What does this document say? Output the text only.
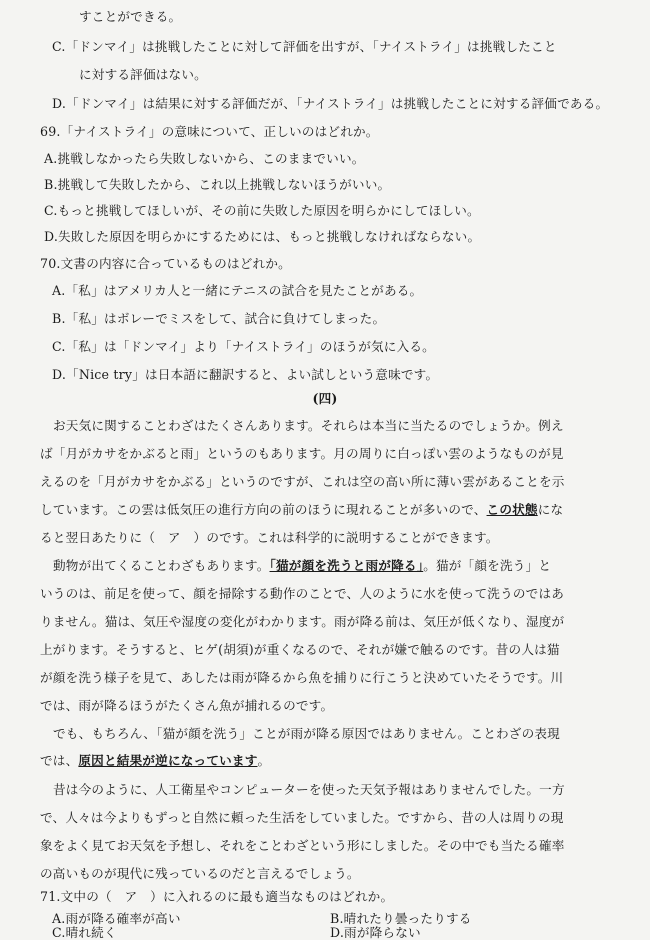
すことができる。
C.「ドンマイ」は挑戦したことに対して評価を出すが、「ナイストライ」は挑戦したこと
に対する評価はない。
D.「ドンマイ」は結果に対する評価だが、「ナイストライ」は挑戦したことに対する評価である。
69.「ナイストライ」の意味について、正しいのはどれか。
A.挑戦しなかったら失敗しないから、このままでいい。
B.挑戦して失敗したから、これ以上挑戦しないほうがいい。
C.もっと挑戦してほしいが、その前に失敗した原因を明らかにしてほしい。
D.失敗した原因を明らかにするためには、もっと挑戦しなければならない。
70.文書の内容に合っているものはどれか。
A.「私」はアメリカ人と一緒にテニスの試合を見たことがある。
B.「私」はボレーでミスをして、試合に負けてしまった。
C.「私」は「ドンマイ」より「ナイストライ」のほうが気に入る。
D.「Nice try」は日本語に翻訳すると、よい試しという意味です。
(四)
お天気に関することわざはたくさんあります。それらは本当に当たるのでしょうか。例え
ば「月がカサをかぶると雨」というのもあります。月の周りに白っぽい雲のようなものが見
えるのを「月がカサをかぶる」というのですが、これは空の高い所に薄い雲があることを示
しています。この雲は低気圧の進行方向の前のほうに現れることが多いので、この状態にな
ると翌日あたりに（　ア　）のです。これは科学的に説明することができます。
動物が出てくることわざもあります。「猫が顔を洗うと雨が降る」。猫が「顔を洗う」と
いうのは、前足を使って、顔を掃除する動作のことで、人のように水を使って洗うのではあ
りません。猫は、気圧や湿度の変化がわかります。雨が降る前は、気圧が低くなり、湿度が
上がります。そうすると、ヒゲ(胡須)が重くなるので、それが嫌で触るのです。昔の人は猫
が顔を洗う様子を見て、あしたは雨が降るから魚を捕りに行こうと決めていたそうです。川
では、雨が降るほうがたくさん魚が捕れるのです。
でも、もちろん、「猫が顔を洗う」ことが雨が降る原因ではありません。ことわざの表現
では、原因と結果が逆になっています。
昔は今のように、人工衛星やコンピューターを使った天気予報はありませんでした。一方
で、人々は今よりもずっと自然に頼った生活をしていました。ですから、昔の人は周りの現
象をよく見てお天気を予想し、それをことわざという形にしました。その中でも当たる確率
の高いものが現代に残っているのだと言えるでしょう。
71.文中の（　ア　）に入れるのに最も適当なものはどれか。
A.雨が降る確率が高い	B.晴れたり曇ったりする
C.晴れ続く	D.雨が降らない
